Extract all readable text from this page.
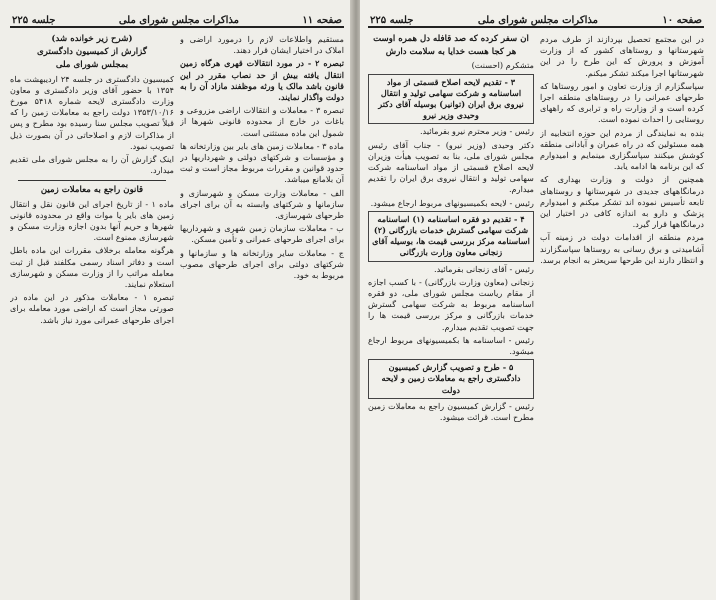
صفحه ۱۱
مذاکرات مجلس شورای ملی
جلسه ۲۲۵

مستقیم واطلاعات لازم را درمورد اراضی و املاک در اختیار ایشان قرار دهند.

تبصره ۲ - در مورد انتقالات قهری هرگاه زمین انتقال یافته بیش از حد نصاب مقرر در این قانون باشد مالک یا ورثه موظفند مازاد آن را به دولت واگذار نمایند.

تبصره ۳ - معاملات و انتقالات اراضی مزروعی و باغات در خارج از محدوده قانونی شهرها از شمول این ماده مستثنی است.

ماده ۳ - معاملات زمین های بایر بین وزارتخانه ها و مؤسسات و شرکتهای دولتی و شهرداریها در حدود قوانین و مقررات مربوط مجاز است و ثبت آن بلامانع میباشد.

الف - معاملات وزارت مسکن و شهرسازی و سازمانها و شرکتهای وابسته به آن برای اجرای طرحهای شهرسازی.

ب - معاملات سازمان زمین شهری و شهرداریها برای اجرای طرحهای عمرانی و تأمین مسکن.

ج - معاملات سایر وزارتخانه ها و سازمانها و شرکتهای دولتی برای اجرای طرحهای مصوب مربوط به خود.

(شرح زیر خوانده شد)

گزارش از کمیسیون دادگستری

بمجلس شورای ملی

کمیسیون دادگستری در جلسه ۲۴ اردیبهشت ماه ۱۳۵۴ با حضور آقای وزیر دادگستری و معاون وزارت دادگستری لایحه شماره ۵۴۱۸ مورخ ۱۳۵۳/۱۰/۱۶ دولت راجع به معاملات زمین را که قبلاً تصویب مجلس سنا رسیده بود مطرح و پس از مذاکرات لازم و اصلاحاتی در آن بصورت ذیل تصویب نمود.

اینک گزارش آن را به مجلس شورای ملی تقدیم میدارد.

قانون راجع به معاملات زمین

ماده ۱ - از تاریخ اجرای این قانون نقل و انتقال زمین های بایر یا موات واقع در محدوده قانونی شهرها و حریم آنها بدون اجازه وزارت مسکن و شهرسازی ممنوع است.

هرگونه معامله برخلاف مقررات این ماده باطل است و دفاتر اسناد رسمی مکلفند قبل از ثبت معامله مراتب را از وزارت مسکن و شهرسازی استعلام نمایند.

تبصره ۱ - معاملات مذکور در این ماده در صورتی مجاز است که اراضی مورد معامله برای اجرای طرحهای عمرانی مورد نیاز باشد.

صفحه ۱۰
مذاکرات مجلس شورای ملی
جلسه ۲۲۵

در این مجتمع تحصیل بپردازند از طرف مردم شهرستانها و روستاهای کشور که از وزارت آموزش و پرورش که این طرح را در این شهرستانها اجرا میکند تشکر میکنم.

سپاسگزارم از وزارت تعاون و امور روستاها که طرحهای عمرانی را در روستاهای منطقه اجرا کرده است و از وزارت راه و ترابری که راههای روستایی را احداث نموده است.

بنده به نمایندگی از مردم این حوزه انتخابیه از همه مسئولین که در راه عمران و آبادانی منطقه کوشش میکنند سپاسگزاری مینمایم و امیدوارم که این برنامه ها ادامه یابد.

همچنین از دولت و وزارت بهداری که درمانگاههای جدیدی در شهرستانها و روستاهای تابعه تأسیس نموده اند تشکر میکنم و امیدوارم پزشک و دارو به اندازه کافی در اختیار این درمانگاهها قرار گیرد.

مردم منطقه از اقدامات دولت در زمینه آب آشامیدنی و برق رسانی به روستاها سپاسگزارند و انتظار دارند این طرحها سریعتر به انجام برسد.

آن سفر کرده که صد قافله دل همره اوست

هر کجا هست خدایا به سلامت دارش

متشکرم (احسنت)

۳ - تقدیم لایحه اصلاح قسمتی از مواد اساسنامه و شرکت سهامی تولید و انتقال نیروی برق ایران (توانیر) بوسیله آقای دکتر وحیدی وزیر نیرو

رئیس - وزیر محترم نیرو بفرمائید.

دکتر وحیدی (وزیر نیرو) - جناب آقای رئیس مجلس شورای ملی، بنا به تصویب هیأت وزیران لایحه اصلاح قسمتی از مواد اساسنامه شرکت سهامی تولید و انتقال نیروی برق ایران را تقدیم میدارم.

رئیس - لایحه بکمیسیونهای مربوط ارجاع میشود.

۴ - تقدیم دو فقره اساسنامه (۱) اساسنامه شرکت سهامی گسترش خدمات بازرگانی (۲) اساسنامه مرکز بررسی قیمت ها، بوسیله آقای زنجانی معاون وزارت بازرگانی

رئیس - آقای زنجانی بفرمائید.

زنجانی (معاون وزارت بازرگانی) - با کسب اجازه از مقام ریاست مجلس شورای ملی، دو فقره اساسنامه مربوط به شرکت سهامی گسترش خدمات بازرگانی و مرکز بررسی قیمت ها را جهت تصویب تقدیم میدارم.

رئیس - اساسنامه ها بکمیسیونهای مربوط ارجاع میشود.

۵ - طرح و تصویب گزارش کمیسیون دادگستری راجع به معاملات زمین و لایحه دولت

رئیس - گزارش کمیسیون راجع به معاملات زمین مطرح است. قرائت میشود.
